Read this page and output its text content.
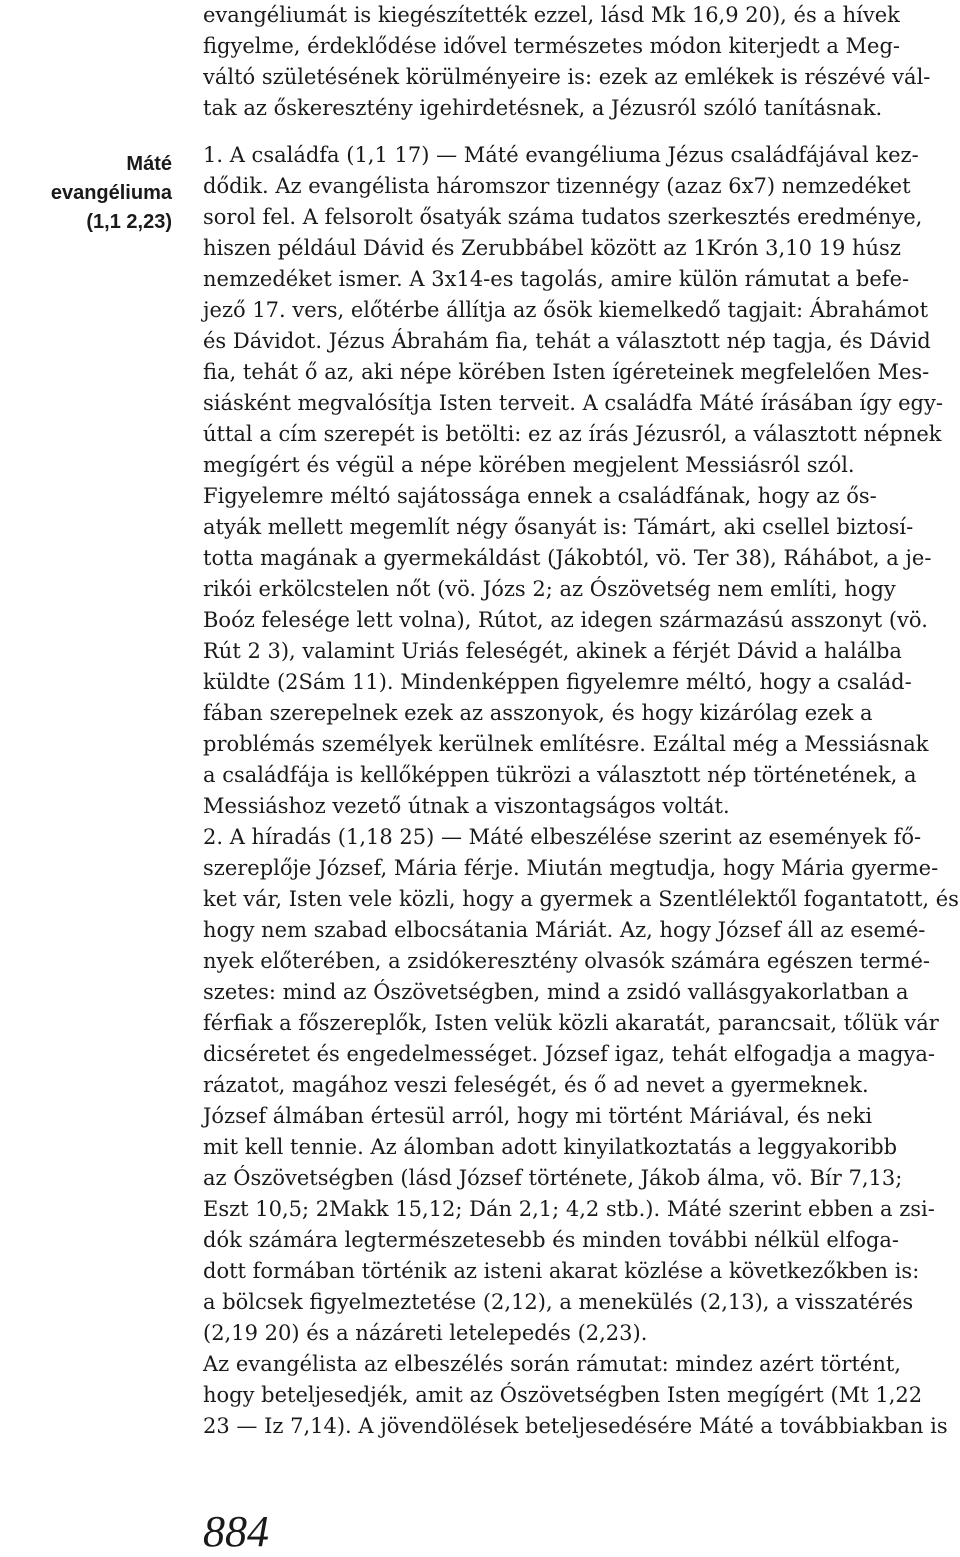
Máté evangéliuma
(1,1 2,23)
evangéliumát is kiegészítették ezzel, lásd Mk 16,9 20), és a hívek
figyelme, érdeklődése idővel természetes módon kiterjedt a Meg-
váltó születésének körülményeire is: ezek az emlékek is részévé vál-
tak az őskeresztény igehirdetésnek, a Jézusról szóló tanításnak.
1. A családfa (1,1 17) — Máté evangéliuma Jézus családfájával kez-
dődik. Az evangélista háromszor tizennégy (azaz 6x7) nemzedéket
sorol fel. A felsorolt ősatyák száma tudatos szerkesztés eredménye,
hiszen például Dávid és Zerubbábel között az 1Krón 3,10 19 húsz
nemzedéket ismer. A 3x14-es tagolás, amire külön rámutat a befe-
jező 17. vers, előtérbe állítja az ősök kiemelkedő tagjait: Ábrahámot
és Dávidot. Jézus Ábrahám fia, tehát a választott nép tagja, és Dávid
fia, tehát ő az, aki népe körében Isten ígéreteinek megfelelően Mes-
siásként megvalósítja Isten terveit. A családfa Máté írásában így egy-
úttal a cím szerepét is betölti: ez az írás Jézusról, a választott népnek
megígért és végül a népe körében megjelent Messiásról szól.
Figyelemre méltó sajátossága ennek a családfának, hogy az ős-
atyák mellett megemlít négy ősanyát is: Támárt, aki csellel biztosí-
totta magának a gyermekáldást (Jákobtól, vö. Ter 38), Ráhábot, a je-
rikói erkölcstelen nőt (vö. Józs 2; az Ószövetség nem említi, hogy
Boóz felesége lett volna), Rútot, az idegen származású asszonyt (vö.
Rút 2 3), valamint Uriás feleségét, akinek a férjét Dávid a halálba
küldte (2Sám 11). Mindenképpen figyelemre méltó, hogy a család-
fában szerepelnek ezek az asszonyok, és hogy kizárólag ezek a
problémás személyek kerülnek említésre. Ezáltal még a Messiásnak
a családfája is kellőképpen tükrözi a választott nép történetének, a
Messiáshoz vezető útnak a viszontagságos voltát.
2. A híradás (1,18 25) — Máté elbeszélése szerint az események fő-
szereplője József, Mária férje. Miután megtudja, hogy Mária gyerme-
ket vár, Isten vele közli, hogy a gyermek a Szentlélektől fogantatott, és
hogy nem szabad elbocsátania Máriát. Az, hogy József áll az esemé-
nyek előterében, a zsidókeresztény olvasók számára egészen termé-
szetes: mind az Ószövetségben, mind a zsidó vallásgyakorlatban a
férfiak a főszereplők, Isten velük közli akaratát, parancsait, tőlük vár
dicséretet és engedelmességet. József igaz, tehát elfogadja a magya-
rázatot, magához veszi feleségét, és ő ad nevet a gyermeknek.
József álmában értesül arról, hogy mi történt Máriával, és neki
mit kell tennie. Az álomban adott kinyilatkoztatás a leggyakoribb
az Ószövetségben (lásd József története, Jákob álma, vö. Bír 7,13;
Eszt 10,5; 2Makk 15,12; Dán 2,1; 4,2 stb.). Máté szerint ebben a zsi-
dók számára legtermészetesebb és minden további nélkül elfoga-
dott formában történik az isteni akarat közlése a következőkben is:
a bölcsek figyelmeztetése (2,12), a menekülés (2,13), a visszatérés
(2,19 20) és a názáreti letelepedés (2,23).
Az evangélista az elbeszélés során rámutat: mindez azért történt,
hogy beteljesedjék, amit az Ószövetségben Isten megígért (Mt 1,22
23 — Iz 7,14). A jövendölések beteljesedésére Máté a továbbiakban is
884
